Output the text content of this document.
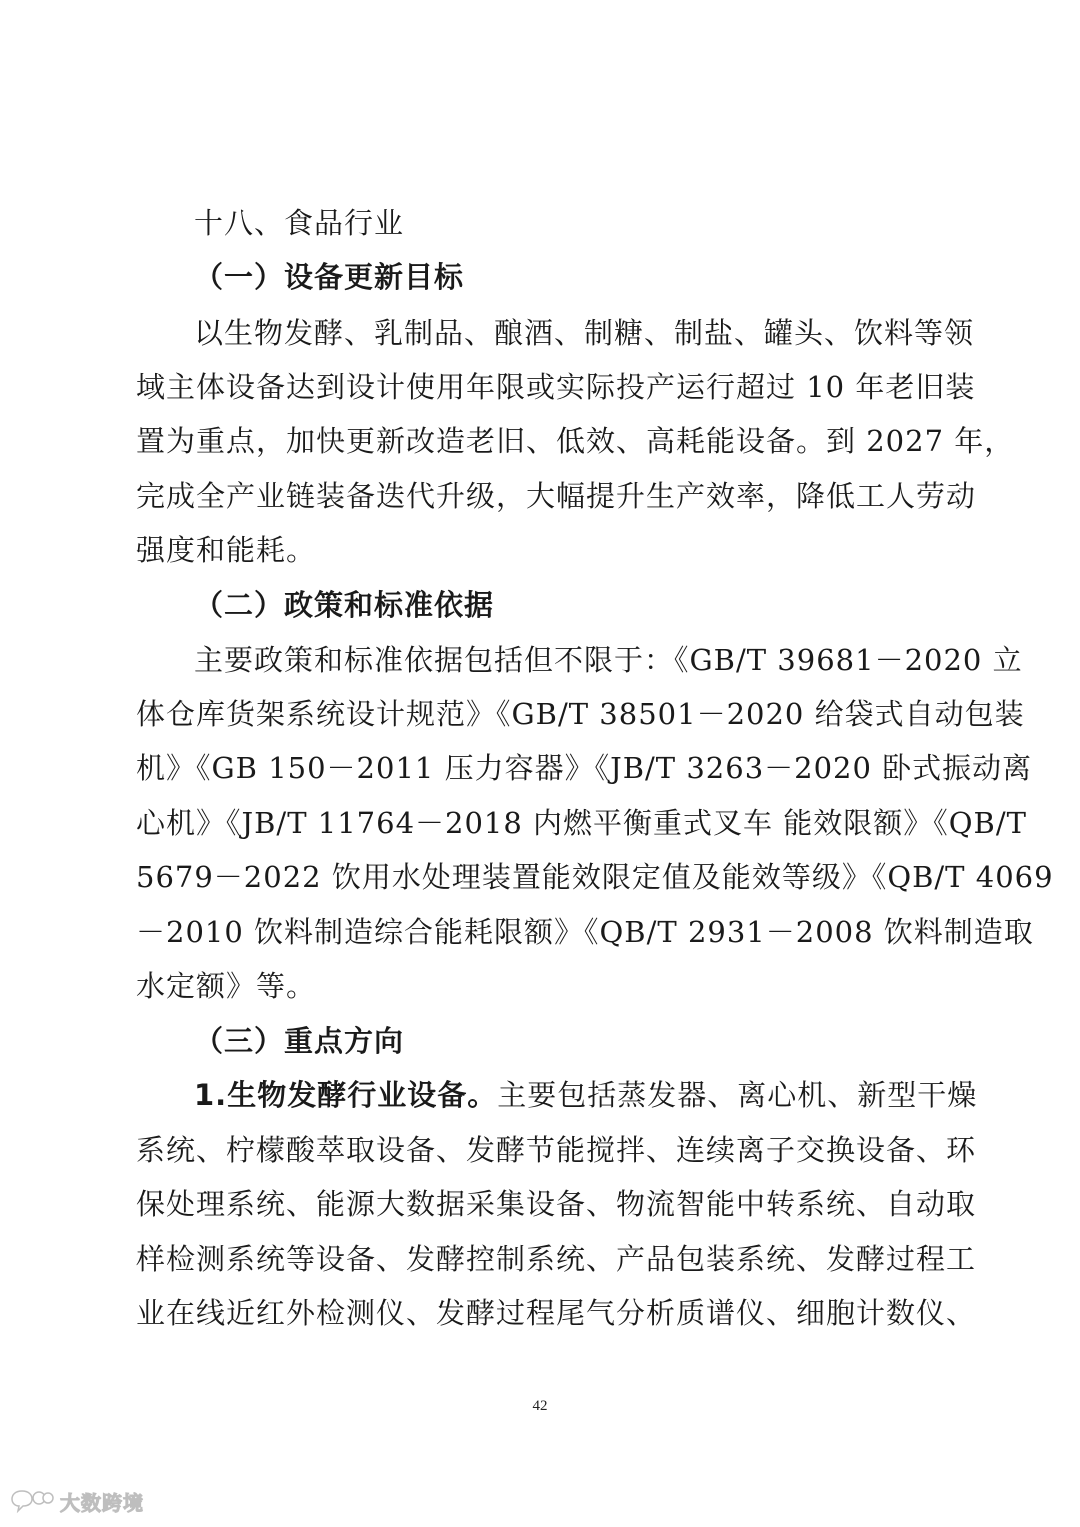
十八、食品行业
（一）设备更新目标
以生物发酵、乳制品、酿酒、制糖、制盐、罐头、饮料等领
域主体设备达到设计使用年限或实际投产运行超过 10 年老旧装
置为重点，加快更新改造老旧、低效、高耗能设备。到 2027 年，
完成全产业链装备迭代升级，大幅提升生产效率，降低工人劳动
强度和能耗。
（二）政策和标准依据
主要政策和标准依据包括但不限于：《GB/T 39681－2020 立
体仓库货架系统设计规范》《GB/T 38501－2020 给袋式自动包装
机》《GB 150－2011 压力容器》《JB/T 3263－2020 卧式振动离
心机》《JB/T 11764－2018 内燃平衡重式叉车 能效限额》《QB/T
5679－2022 饮用水处理装置能效限定值及能效等级》《QB/T 4069
－2010 饮料制造综合能耗限额》《QB/T 2931－2008 饮料制造取
水定额》等。
（三）重点方向
1.生物发酵行业设备。主要包括蒸发器、离心机、新型干燥
系统、柠檬酸萃取设备、发酵节能搅拌、连续离子交换设备、环
保处理系统、能源大数据采集设备、物流智能中转系统、自动取
样检测系统等设备、发酵控制系统、产品包装系统、发酵过程工
业在线近红外检测仪、发酵过程尾气分析质谱仪、细胞计数仪、
42
大数跨境
